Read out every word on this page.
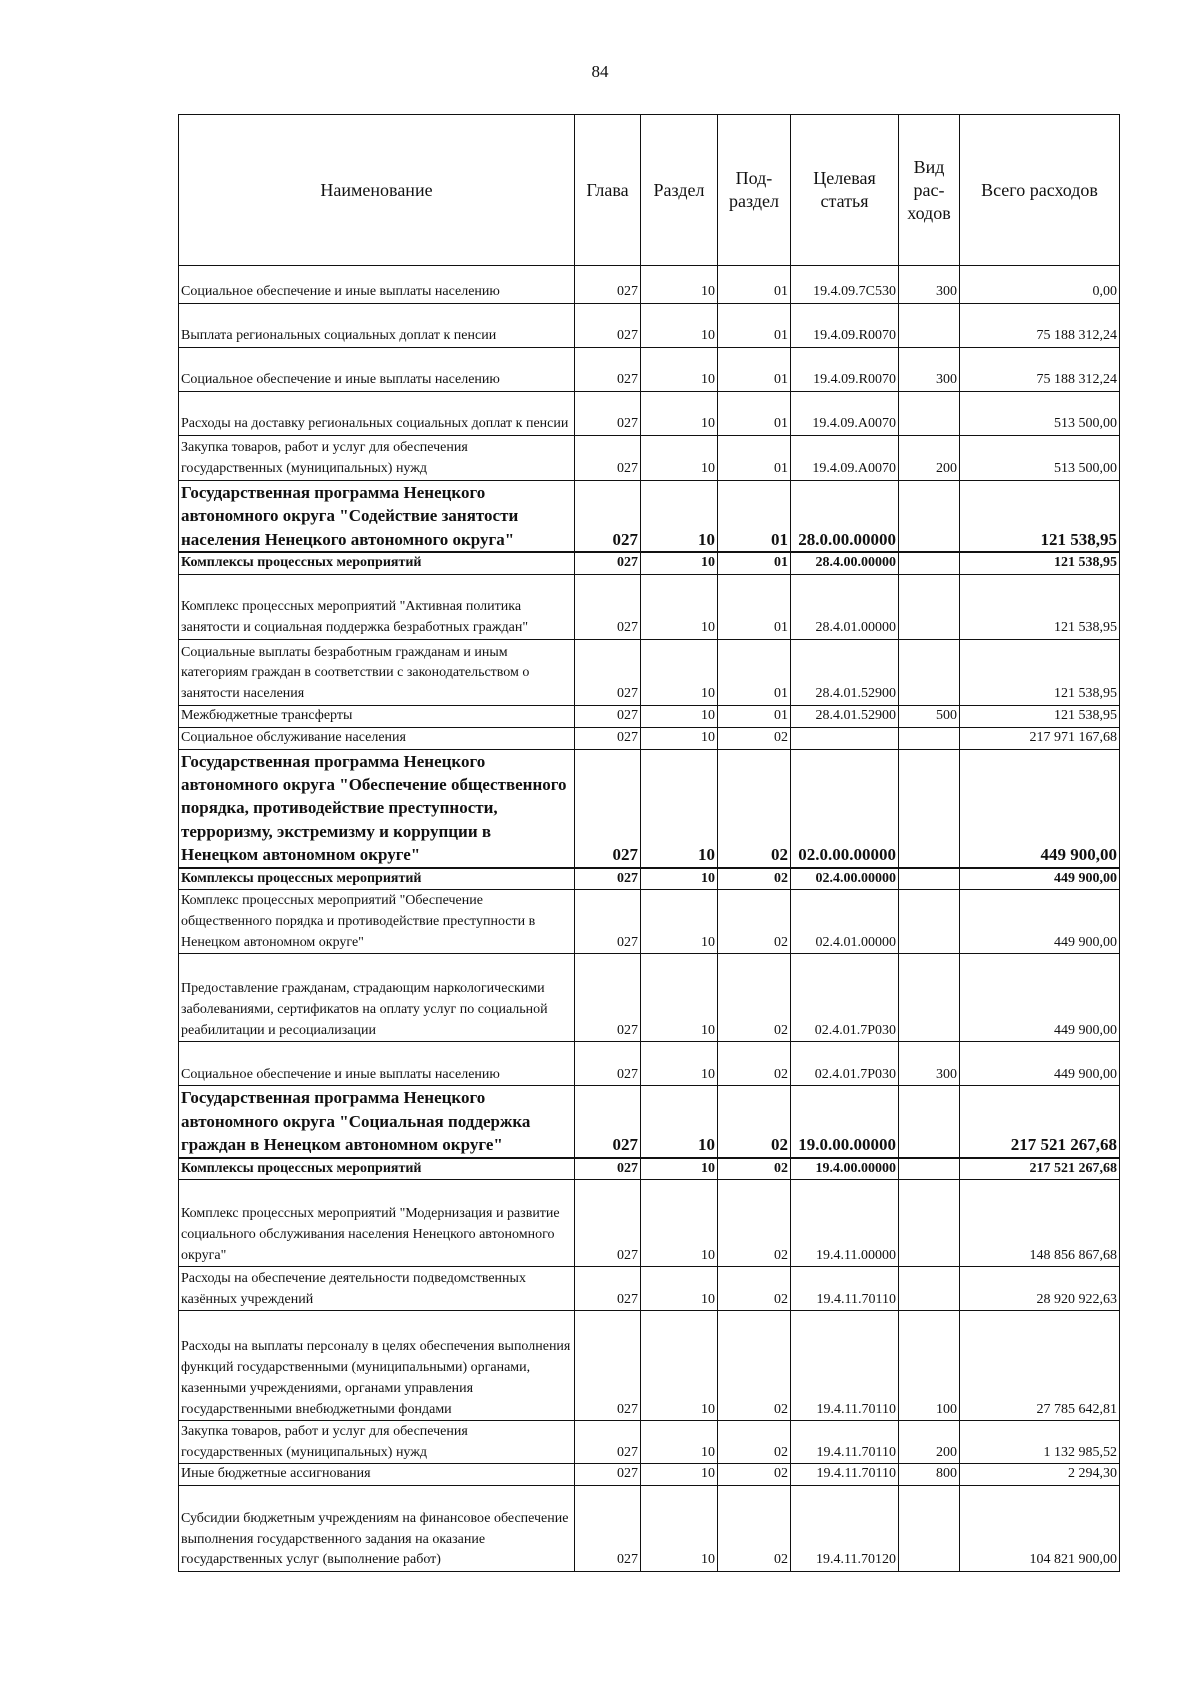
84
Наименование	Глава	Раздел	Под-раздел	Целевая статья	Вид рас-ходов	Всего расходов
Социальное обеспечение и иные выплаты населению	027	10	01	19.4.09.7С530	300	0,00
Выплата региональных социальных доплат к пенсии	027	10	01	19.4.09.R0070		75 188 312,24
Социальное обеспечение и иные выплаты населению	027	10	01	19.4.09.R0070	300	75 188 312,24
Расходы на доставку региональных социальных доплат к пенсии	027	10	01	19.4.09.А0070		513 500,00
Закупка товаров, работ и услуг для обеспечения государственных (муниципальных) нужд	027	10	01	19.4.09.А0070	200	513 500,00
Государственная программа Ненецкого автономного округа "Содействие занятости населения Ненецкого автономного округа"	027	10	01	28.0.00.00000		121 538,95
Комплексы процессных мероприятий	027	10	01	28.4.00.00000		121 538,95
Комплекс процессных мероприятий "Активная политика занятости и социальная поддержка безработных граждан"	027	10	01	28.4.01.00000		121 538,95
Социальные выплаты безработным гражданам и иным категориям граждан в соответствии с законодательством о занятости населения	027	10	01	28.4.01.52900		121 538,95
Межбюджетные трансферты	027	10	01	28.4.01.52900	500	121 538,95
Социальное обслуживание населения	027	10	02			217 971 167,68
Государственная программа Ненецкого автономного округа "Обеспечение общественного порядка, противодействие преступности, терроризму, экстремизму и коррупции в Ненецком автономном округе"	027	10	02	02.0.00.00000		449 900,00
Комплексы процессных мероприятий	027	10	02	02.4.00.00000		449 900,00
Комплекс процессных мероприятий "Обеспечение общественного порядка и противодействие преступности в Ненецком автономном округе"	027	10	02	02.4.01.00000		449 900,00
Предоставление гражданам, страдающим наркологическими заболеваниями, сертификатов на оплату услуг по социальной реабилитации и ресоциализации	027	10	02	02.4.01.7Р030		449 900,00
Социальное обеспечение и иные выплаты населению	027	10	02	02.4.01.7Р030	300	449 900,00
Государственная программа Ненецкого автономного округа "Социальная поддержка граждан в Ненецком автономном округе"	027	10	02	19.0.00.00000		217 521 267,68
Комплексы процессных мероприятий	027	10	02	19.4.00.00000		217 521 267,68
Комплекс процессных мероприятий "Модернизация и развитие социального обслуживания населения Ненецкого автономного округа"	027	10	02	19.4.11.00000		148 856 867,68
Расходы на обеспечение деятельности подведомственных казённых учреждений	027	10	02	19.4.11.70110		28 920 922,63
Расходы на выплаты персоналу в целях обеспечения выполнения функций государственными (муниципальными) органами, казенными учреждениями, органами управления государственными внебюджетными фондами	027	10	02	19.4.11.70110	100	27 785 642,81
Закупка товаров, работ и услуг для обеспечения государственных (муниципальных) нужд	027	10	02	19.4.11.70110	200	1 132 985,52
Иные бюджетные ассигнования	027	10	02	19.4.11.70110	800	2 294,30
Субсидии бюджетным учреждениям на финансовое обеспечение выполнения государственного задания на оказание государственных услуг (выполнение работ)	027	10	02	19.4.11.70120		104 821 900,00
